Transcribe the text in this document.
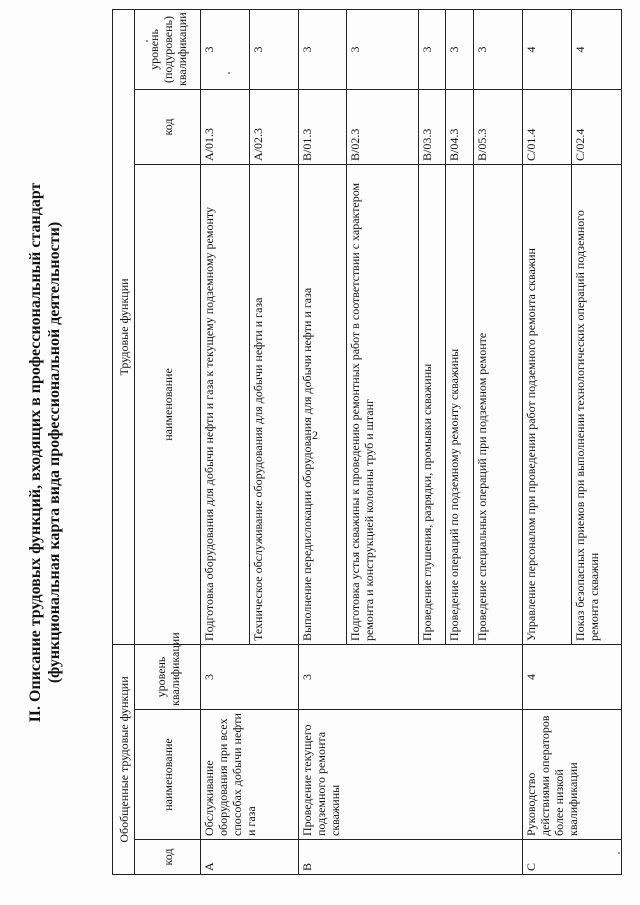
2
II. Описание трудовых функций, входящих в профессиональный стандарт (функциональная карта вида профессиональной деятельности)
Обобщенные трудовые функции			Трудовые функции		
код	наименование	уровень квалификации	наименование	код	уровень (подуровень) квалификации
A	Обслуживание оборудования при всех способах добычи нефти и газа	3	Подготовка оборудования для добычи нефти и газа к текущему подземному ремонту	A/01.3	3
			Техническое обслуживание оборудования для добычи нефти и газа	A/02.3	3
B	Проведение текущего подземного ремонта скважины	3	Выполнение передислокации оборудования для добычи нефти и газа	B/01.3	3
			Подготовка устья скважины к проведению ремонтных работ в соответствии с характером ремонта и конструкцией колонны труб и штанг	B/02.3	3
			Проведение глушения, разрядки, промывки скважины	B/03.3	3
			Проведение операций по подземному ремонту скважины	B/04.3	3
			Проведение специальных операций при подземном ремонте	B/05.3	3
C	Руководство действиями операторов более низкой квалификации	4	Управление персоналом при проведении работ подземного ремонта скважин	C/01.4	4
			Показ безопасных приемов при выполнении технологических операций подземного ремонта скважин	C/02.4	4
